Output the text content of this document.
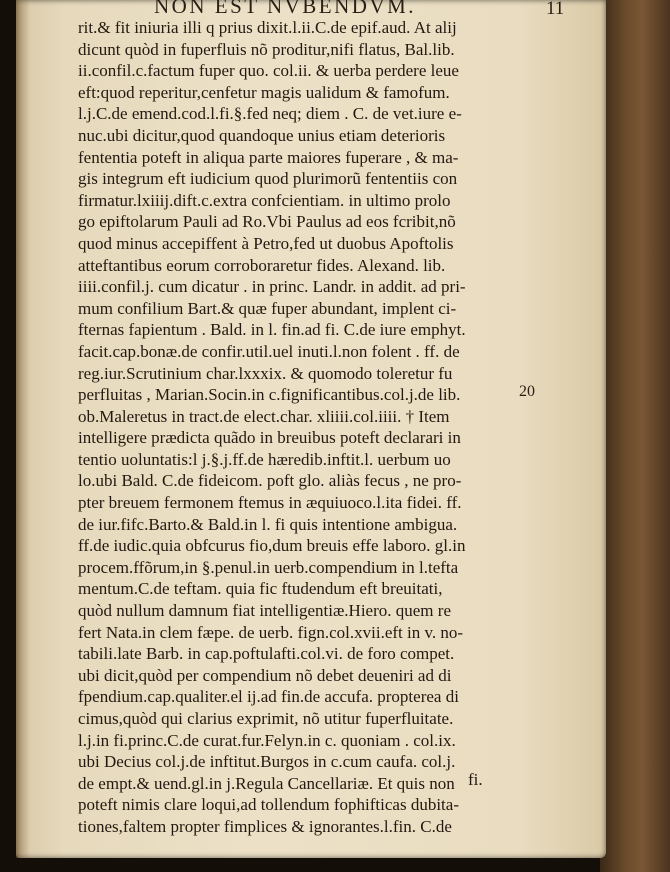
NON EST NVBENDVM.	11
rit.& fit iniuria illi q prius dixit.l.ii.C.de epif.aud. At alij
dicunt quòd in fuperfluis nõ proditur,nifi flatus, Bal.lib.
ii.confil.c.factum fuper quo. col.ii. & uerba perdere leue
eft:quod reperitur,cenfetur magis ualidum & famofum.
l.j.C.de emend.cod.l.fi.§.fed neq; diem . C. de vet.iure e-
nuc.ubi dicitur,quod quandoque unius etiam deterioris
fententia poteft in aliqua parte maiores fuperare , & ma-
gis integrum eft iudicium quod plurimorũ fententiis con
firmatur.lxiiij.dift.c.extra confcientiam. in ultimo prolo
go epiftolarum Pauli ad Ro.Vbi Paulus ad eos fcribit,nõ
quod minus accepiffent à Petro,fed ut duobus Apoftolis
atteftantibus eorum corroboraretur fides. Alexand. lib.
iiii.confil.j. cum dicatur . in princ. Landr. in addit. ad pri-
mum confilium Bart.& quæ fuper abundant, implent ci-
fternas fapientum . Bald. in l. fin.ad fi. C.de iure emphyt.
facit.cap.bonæ.de confir.util.uel inuti.l.non folent . ff. de
reg.iur.Scrutinium char.lxxxix. & quomodo toleretur fu
perfluitas , Marian.Socin.in c.fignificantibus.col.j.de lib.
ob.Maleretus in tract.de elect.char. xliiii.col.iiii. † Item
intelligere prædicta quãdo in breuibus poteft declarari in
tentio uoluntatis:l j.§.j.ff.de hæredib.inftit.l. uerbum uo
lo.ubi Bald. C.de fideicom. poft glo. aliàs fecus , ne pro-
pter breuem fermonem ftemus in æquiuoco.l.ita fidei. ff.
de iur.fifc.Barto.& Bald.in l. fi quis intentione ambigua.
ff.de iudic.quia obfcurus fio,dum breuis effe laboro. gl.in
procem.ffõrum,in §.penul.in uerb.compendium in l.tefta
mentum.C.de teftam. quia fic ftudendum eft breuitati,
quòd nullum damnum fiat intelligentiæ.Hiero. quem re
fert Nata.in clem fæpe. de uerb. fign.col.xvii.eft in v. no-
tabili.late Barb. in cap.poftulafti.col.vi. de foro compet.
ubi dicit,quòd per compendium nõ debet deueniri ad di
fpendium.cap.qualiter.el ij.ad fin.de accufa. propterea di
cimus,quòd qui clarius exprimit, nõ utitur fuperfluitate.
l.j.in fi.princ.C.de curat.fur.Felyn.in c. quoniam . col.ix.
ubi Decius col.j.de inftitut.Burgos in c.cum caufa. col.j.
de empt.& uend.gl.in j.Regula Cancellariæ. Et quis non
poteft nimis clare loqui,ad tollendum fophifticas dubita-
tiones,faltem propter fimplices & ignorantes.l.fin. C.de
20
fi.
